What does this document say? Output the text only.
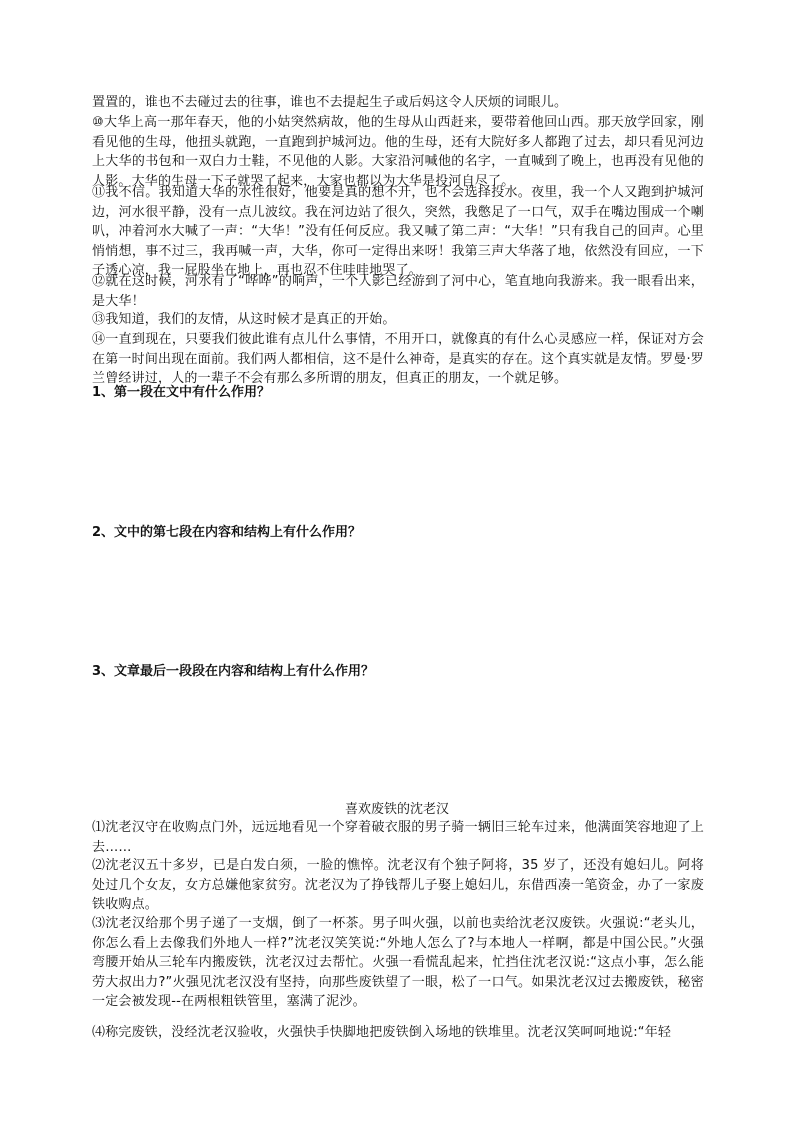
置置的，谁也不去碰过去的往事，谁也不去提起生子或后妈这令人厌烦的词眼儿。

⑩大华上高一那年春天，他的小姑突然病故，他的生母从山西赶来，要带着他回山西。那天放学回家，刚看见他的生母，他扭头就跑，一直跑到护城河边。他的生母，还有大院好多人都跑了过去，却只看见河边上大华的书包和一双白力士鞋，不见他的人影。大家沿河喊他的名字，一直喊到了晚上，也再没有见他的人影。大华的生母一下子就哭了起来，大家也都以为大华是投河自尽了。

⑪我不信。我知道大华的水性很好，他要是真的想不开，也不会选择投水。夜里，我一个人又跑到护城河边，河水很平静，没有一点儿波纹。我在河边站了很久，突然，我憋足了一口气，双手在嘴边围成一个喇叭，冲着河水大喊了一声：“大华！”没有任何反应。我又喊了第二声：“大华！”只有我自己的回声。心里悄悄想，事不过三，我再喊一声，大华，你可一定得出来呀！我第三声大华落了地，依然没有回应，一下子透心凉，我一屁股坐在地上，再也忍不住哇哇地哭了。

⑫就在这时候，河水有了“哗哗”的响声，一个人影已经游到了河中心，笔直地向我游来。我一眼看出来，是大华！

⑬我知道，我们的友情，从这时候才是真正的开始。

⑭一直到现在，只要我们彼此谁有点儿什么事情，不用开口，就像真的有什么心灵感应一样，保证对方会在第一时间出现在面前。我们两人都相信，这不是什么神奇，是真实的存在。这个真实就是友情。罗曼·罗兰曾经讲过，人的一辈子不会有那么多所谓的朋友，但真正的朋友，一个就足够。

1、第一段在文中有什么作用？

2、文中的第七段在内容和结构上有什么作用？

3、文章最后一段段在内容和结构上有什么作用？

喜欢废铁的沈老汉

⑴沈老汉守在收购点门外，远远地看见一个穿着破衣服的男子骑一辆旧三轮车过来，他满面笑容地迎了上去……

⑵沈老汉五十多岁，已是白发白须，一脸的憔悴。沈老汉有个独子阿将，35 岁了，还没有媳妇儿。阿将处过几个女友，女方总嫌他家贫穷。沈老汉为了挣钱帮儿子娶上媳妇儿，东借西凑一笔资金，办了一家废铁收购点。

⑶沈老汉给那个男子递了一支烟，倒了一杯茶。男子叫火强，以前也卖给沈老汉废铁。火强说:“老头儿，你怎么看上去像我们外地人一样?”沈老汉笑笑说:“外地人怎么了?与本地人一样啊，都是中国公民。”火强弯腰开始从三轮车内搬废铁，沈老汉过去帮忙。火强一看慌乱起来，忙挡住沈老汉说:“这点小事，怎么能劳大叔出力?”火强见沈老汉没有坚持，向那些废铁望了一眼，松了一口气。如果沈老汉过去搬废铁，秘密一定会被发现--在两根粗铁管里，塞满了泥沙。

⑷称完废铁，没经沈老汉验收，火强快手快脚地把废铁倒入场地的铁堆里。沈老汉笑呵呵地说:“年轻
